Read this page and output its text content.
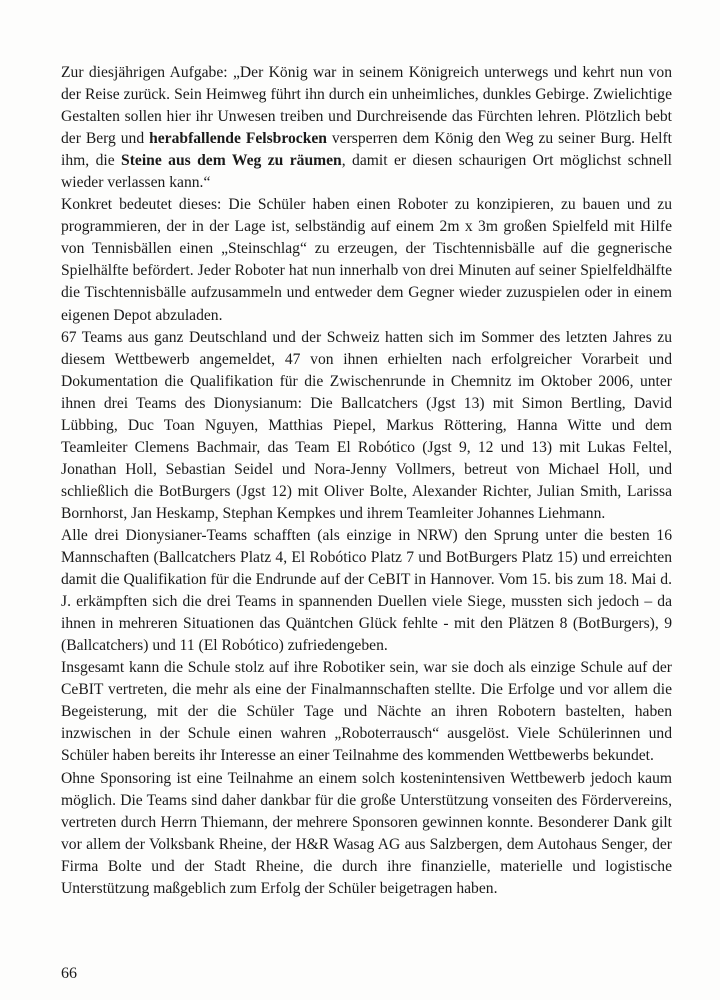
Zur diesjährigen Aufgabe: „Der König war in seinem Königreich unterwegs und kehrt nun von der Reise zurück. Sein Heimweg führt ihn durch ein unheimliches, dunkles Gebirge. Zwielichtige Gestalten sollen hier ihr Unwesen treiben und Durchreisende das Fürchten lehren. Plötzlich bebt der Berg und herabfallende Felsbrocken versperren dem König den Weg zu seiner Burg. Helft ihm, die Steine aus dem Weg zu räumen, damit er diesen schaurigen Ort möglichst schnell wieder verlassen kann.“

Konkret bedeutet dieses: Die Schüler haben einen Roboter zu konzipieren, zu bauen und zu programmieren, der in der Lage ist, selbständig auf einem 2m x 3m großen Spielfeld mit Hilfe von Tennisbällen einen „Steinschlag“ zu erzeugen, der Tischtennisbälle auf die gegnerische Spielhälfte befördert. Jeder Roboter hat nun innerhalb von drei Minuten auf seiner Spielfeldhälfte die Tischtennisbälle aufzusammeln und entweder dem Gegner wieder zuzuspielen oder in einem eigenen Depot abzuladen.

67 Teams aus ganz Deutschland und der Schweiz hatten sich im Sommer des letzten Jahres zu diesem Wettbewerb angemeldet, 47 von ihnen erhielten nach erfolgreicher Vorarbeit und Dokumentation die Qualifikation für die Zwischenrunde in Chemnitz im Oktober 2006, unter ihnen drei Teams des Dionysianum: Die Ballcatchers (Jgst 13) mit Simon Bertling, David Lübbing, Duc Toan Nguyen, Matthias Piepel, Markus Röttering, Hanna Witte und dem Teamleiter Clemens Bachmair, das Team El Robótico (Jgst 9, 12 und 13) mit Lukas Feltel, Jonathan Holl, Sebastian Seidel und Nora-Jenny Vollmers, betreut von Michael Holl, und schließlich die BotBurgers (Jgst 12) mit Oliver Bolte, Alexander Richter, Julian Smith, Larissa Bornhorst, Jan Heskamp, Stephan Kempkes und ihrem Teamleiter Johannes Liehmann.

Alle drei Dionysianer-Teams schafften (als einzige in NRW) den Sprung unter die besten 16 Mannschaften (Ballcatchers Platz 4, El Robótico Platz 7 und BotBurgers Platz 15) und erreichten damit die Qualifikation für die Endrunde auf der CeBIT in Hannover. Vom 15. bis zum 18. Mai d. J. erkämpften sich die drei Teams in spannenden Duellen viele Siege, mussten sich jedoch – da ihnen in mehreren Situationen das Quäntchen Glück fehlte - mit den Plätzen 8 (BotBurgers), 9 (Ballcatchers) und 11 (El Robótico) zufriedengeben.

Insgesamt kann die Schule stolz auf ihre Robotiker sein, war sie doch als einzige Schule auf der CeBIT vertreten, die mehr als eine der Finalmannschaften stellte. Die Erfolge und vor allem die Begeisterung, mit der die Schüler Tage und Nächte an ihren Robotern bastelten, haben inzwischen in der Schule einen wahren „Roboterrausch“ ausgelöst. Viele Schülerinnen und Schüler haben bereits ihr Interesse an einer Teilnahme des kommenden Wettbewerbs bekundet.

Ohne Sponsoring ist eine Teilnahme an einem solch kostenintensiven Wettbewerb jedoch kaum möglich. Die Teams sind daher dankbar für die große Unterstützung vonseiten des Fördervereins, vertreten durch Herrn Thiemann, der mehrere Sponsoren gewinnen konnte. Besonderer Dank gilt vor allem der Volksbank Rheine, der H&R Wasag AG aus Salzbergen, dem Autohaus Senger, der Firma Bolte und der Stadt Rheine, die durch ihre finanzielle, materielle und logistische Unterstützung maßgeblich zum Erfolg der Schüler beigetragen haben.

66
